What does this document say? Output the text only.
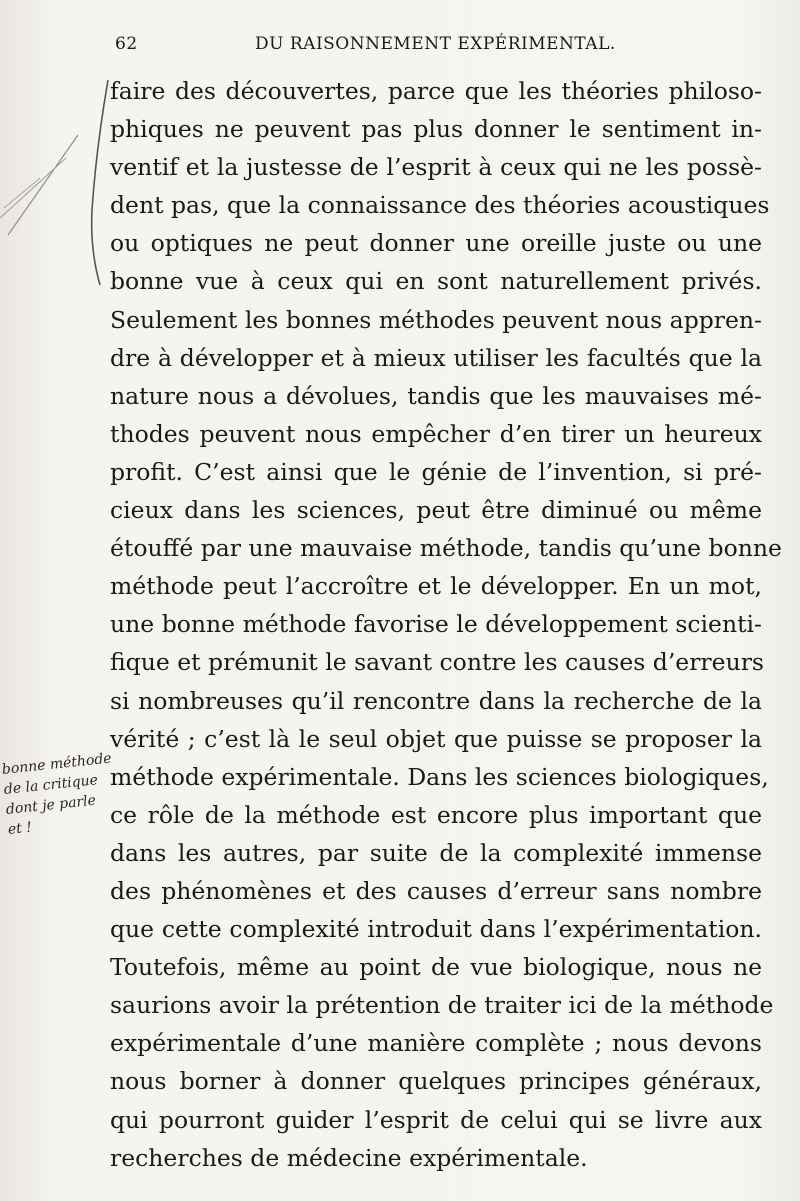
62	DU RAISONNEMENT EXPÉRIMENTAL.
faire des découvertes, parce que les théories philoso-
phiques ne peuvent pas plus donner le sentiment in-
ventif et la justesse de l’esprit à ceux qui ne les possè-
dent pas, que la connaissance des théories acoustiques
ou optiques ne peut donner une oreille juste ou une
bonne vue à ceux qui en sont naturellement privés.
Seulement les bonnes méthodes peuvent nous appren-
dre à développer et à mieux utiliser les facultés que la
nature nous a dévolues, tandis que les mauvaises mé-
thodes peuvent nous empêcher d’en tirer un heureux
profit. C’est ainsi que le génie de l’invention, si pré-
cieux dans les sciences, peut être diminué ou même
étouffé par une mauvaise méthode, tandis qu’une bonne
méthode peut l’accroître et le développer. En un mot,
une bonne méthode favorise le développement scienti-
fique et prémunit le savant contre les causes d’erreurs
si nombreuses qu’il rencontre dans la recherche de la
vérité ; c’est là le seul objet que puisse se proposer la
méthode expérimentale. Dans les sciences biologiques,
ce rôle de la méthode est encore plus important que
dans les autres, par suite de la complexité immense
des phénomènes et des causes d’erreur sans nombre
que cette complexité introduit dans l’expérimentation.
Toutefois, même au point de vue biologique, nous ne
saurions avoir la prétention de traiter ici de la méthode
expérimentale d’une manière complète ; nous devons
nous borner à donner quelques principes généraux,
qui pourront guider l’esprit de celui qui se livre aux
recherches de médecine expérimentale.
bonne méthode
de la critique
dont je parle
et !
